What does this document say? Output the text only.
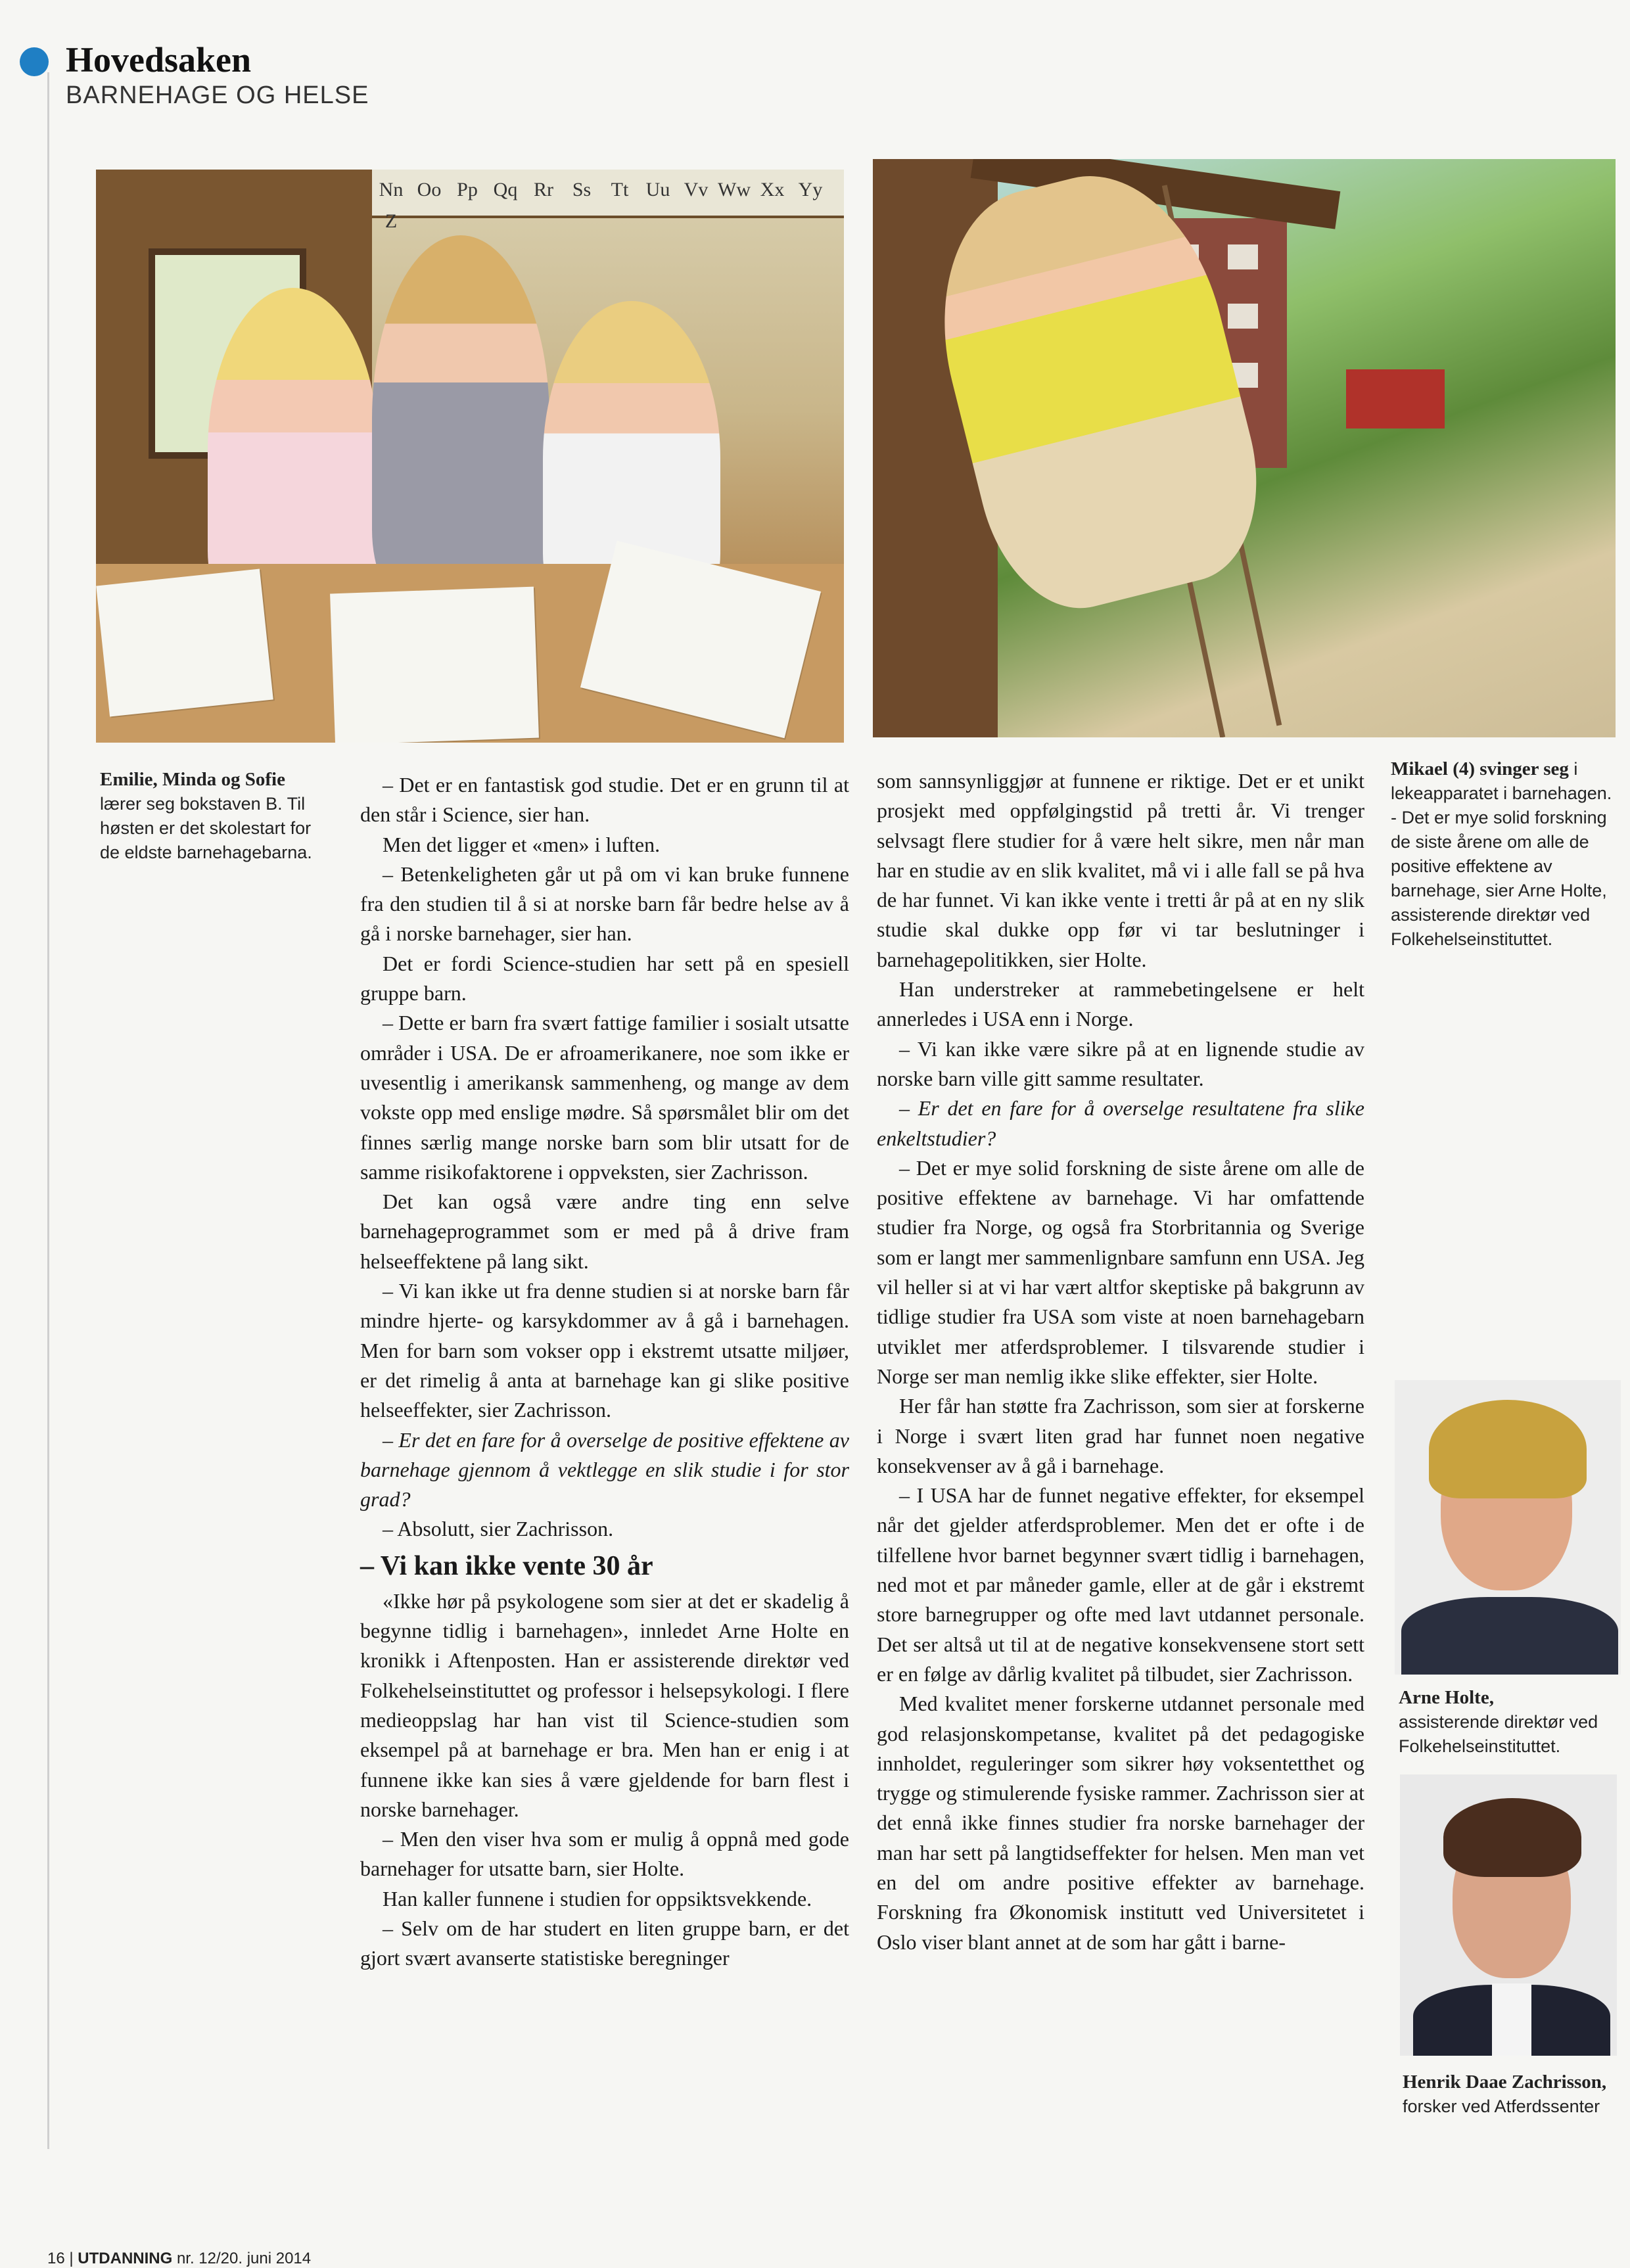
Hovedsaken
BARNEHAGE OG HELSE
Nn Oo Pp Qq Rr Ss Tt Uu Vv Ww Xx YyZ
Emilie, Minda og Sofie
lærer seg bokstaven B. Til høsten er det skolestart for de eldste barnehagebarna.
Mikael (4) svinger seg i lekeapparatet i barnehagen. - Det er mye solid forskning de siste årene om alle de positive effektene av barnehage, sier Arne Holte, assisterende direktør ved Folkehelseinstituttet.
Arne Holte,
assisterende direktør ved Folkehelseinstituttet.
Henrik Daae Zachrisson,
forsker ved Atferdssenter

– Det er en fantastisk god studie. Det er en grunn til at den står i Science, sier han.

Men det ligger et «men» i luften.

– Betenkeligheten går ut på om vi kan bruke funnene fra den studien til å si at norske barn får bedre helse av å gå i norske barnehager, sier han.

Det er fordi Science-studien har sett på en spesiell gruppe barn.

– Dette er barn fra svært fattige familier i sosialt utsatte områder i USA. De er afroamerikanere, noe som ikke er uvesentlig i amerikansk sammenheng, og mange av dem vokste opp med enslige mødre. Så spørsmålet blir om det finnes særlig mange norske barn som blir utsatt for de samme risikofaktorene i oppveksten, sier Zachrisson.

Det kan også være andre ting enn selve barnehageprogrammet som er med på å drive fram helseeffektene på lang sikt.

– Vi kan ikke ut fra denne studien si at norske barn får mindre hjerte- og karsykdommer av å gå i barnehagen. Men for barn som vokser opp i ekstremt utsatte miljøer, er det rimelig å anta at barnehage kan gi slike positive helseeffekter, sier Zachrisson.

– Er det en fare for å overselge de positive effektene av barnehage gjennom å vektlegge en slik studie i for stor grad?

– Absolutt, sier Zachrisson.

– Vi kan ikke vente 30 år

«Ikke hør på psykologene som sier at det er skadelig å begynne tidlig i barnehagen», innledet Arne Holte en kronikk i Aftenposten. Han er assisterende direktør ved Folkehelseinstituttet og professor i helsepsykologi. I flere medieoppslag har han vist til Science-studien som eksempel på at barnehage er bra. Men han er enig i at funnene ikke kan sies å være gjeldende for barn flest i norske barnehager.

– Men den viser hva som er mulig å oppnå med gode barnehager for utsatte barn, sier Holte.

Han kaller funnene i studien for oppsiktsvekkende.

– Selv om de har studert en liten gruppe barn, er det gjort svært avanserte statistiske beregninger

som sannsynliggjør at funnene er riktige. Det er et unikt prosjekt med oppfølgingstid på tretti år. Vi trenger selvsagt flere studier for å være helt sikre, men når man har en studie av en slik kvalitet, må vi i alle fall se på hva de har funnet. Vi kan ikke vente i tretti år på at en ny slik studie skal dukke opp før vi tar beslutninger i barnehagepolitikken, sier Holte.

Han understreker at rammebetingelsene er helt annerledes i USA enn i Norge.

– Vi kan ikke være sikre på at en lignende studie av norske barn ville gitt samme resultater.

– Er det en fare for å overselge resultatene fra slike enkeltstudier?

– Det er mye solid forskning de siste årene om alle de positive effektene av barnehage. Vi har omfattende studier fra Norge, og også fra Storbritannia og Sverige som er langt mer sammenlignbare samfunn enn USA. Jeg vil heller si at vi har vært altfor skeptiske på bakgrunn av tidlige studier fra USA som viste at noen barnehagebarn utviklet mer atferdsproblemer. I tilsvarende studier i Norge ser man nemlig ikke slike effekter, sier Holte.

Her får han støtte fra Zachrisson, som sier at forskerne i Norge i svært liten grad har funnet noen negative konsekvenser av å gå i barnehage.

– I USA har de funnet negative effekter, for eksempel når det gjelder atferdsproblemer. Men det er ofte i de tilfellene hvor barnet begynner svært tidlig i barnehagen, ned mot et par måneder gamle, eller at de går i ekstremt store barnegrupper og ofte med lavt utdannet personale. Det ser altså ut til at de negative konsekvensene stort sett er en følge av dårlig kvalitet på tilbudet, sier Zachrisson.

Med kvalitet mener forskerne utdannet personale med god relasjonskompetanse, kvalitet på det pedagogiske innholdet, reguleringer som sikrer høy voksentetthet og trygge og stimulerende fysiske rammer. Zachrisson sier at det ennå ikke finnes studier fra norske barnehager der man har sett på langtidseffekter for helsen. Men man vet en del om andre positive effekter av barnehage. Forskning fra Økonomisk institutt ved Universitetet i Oslo viser blant annet at de som har gått i barne-

16 | UTDANNING nr. 12/20. juni 2014
